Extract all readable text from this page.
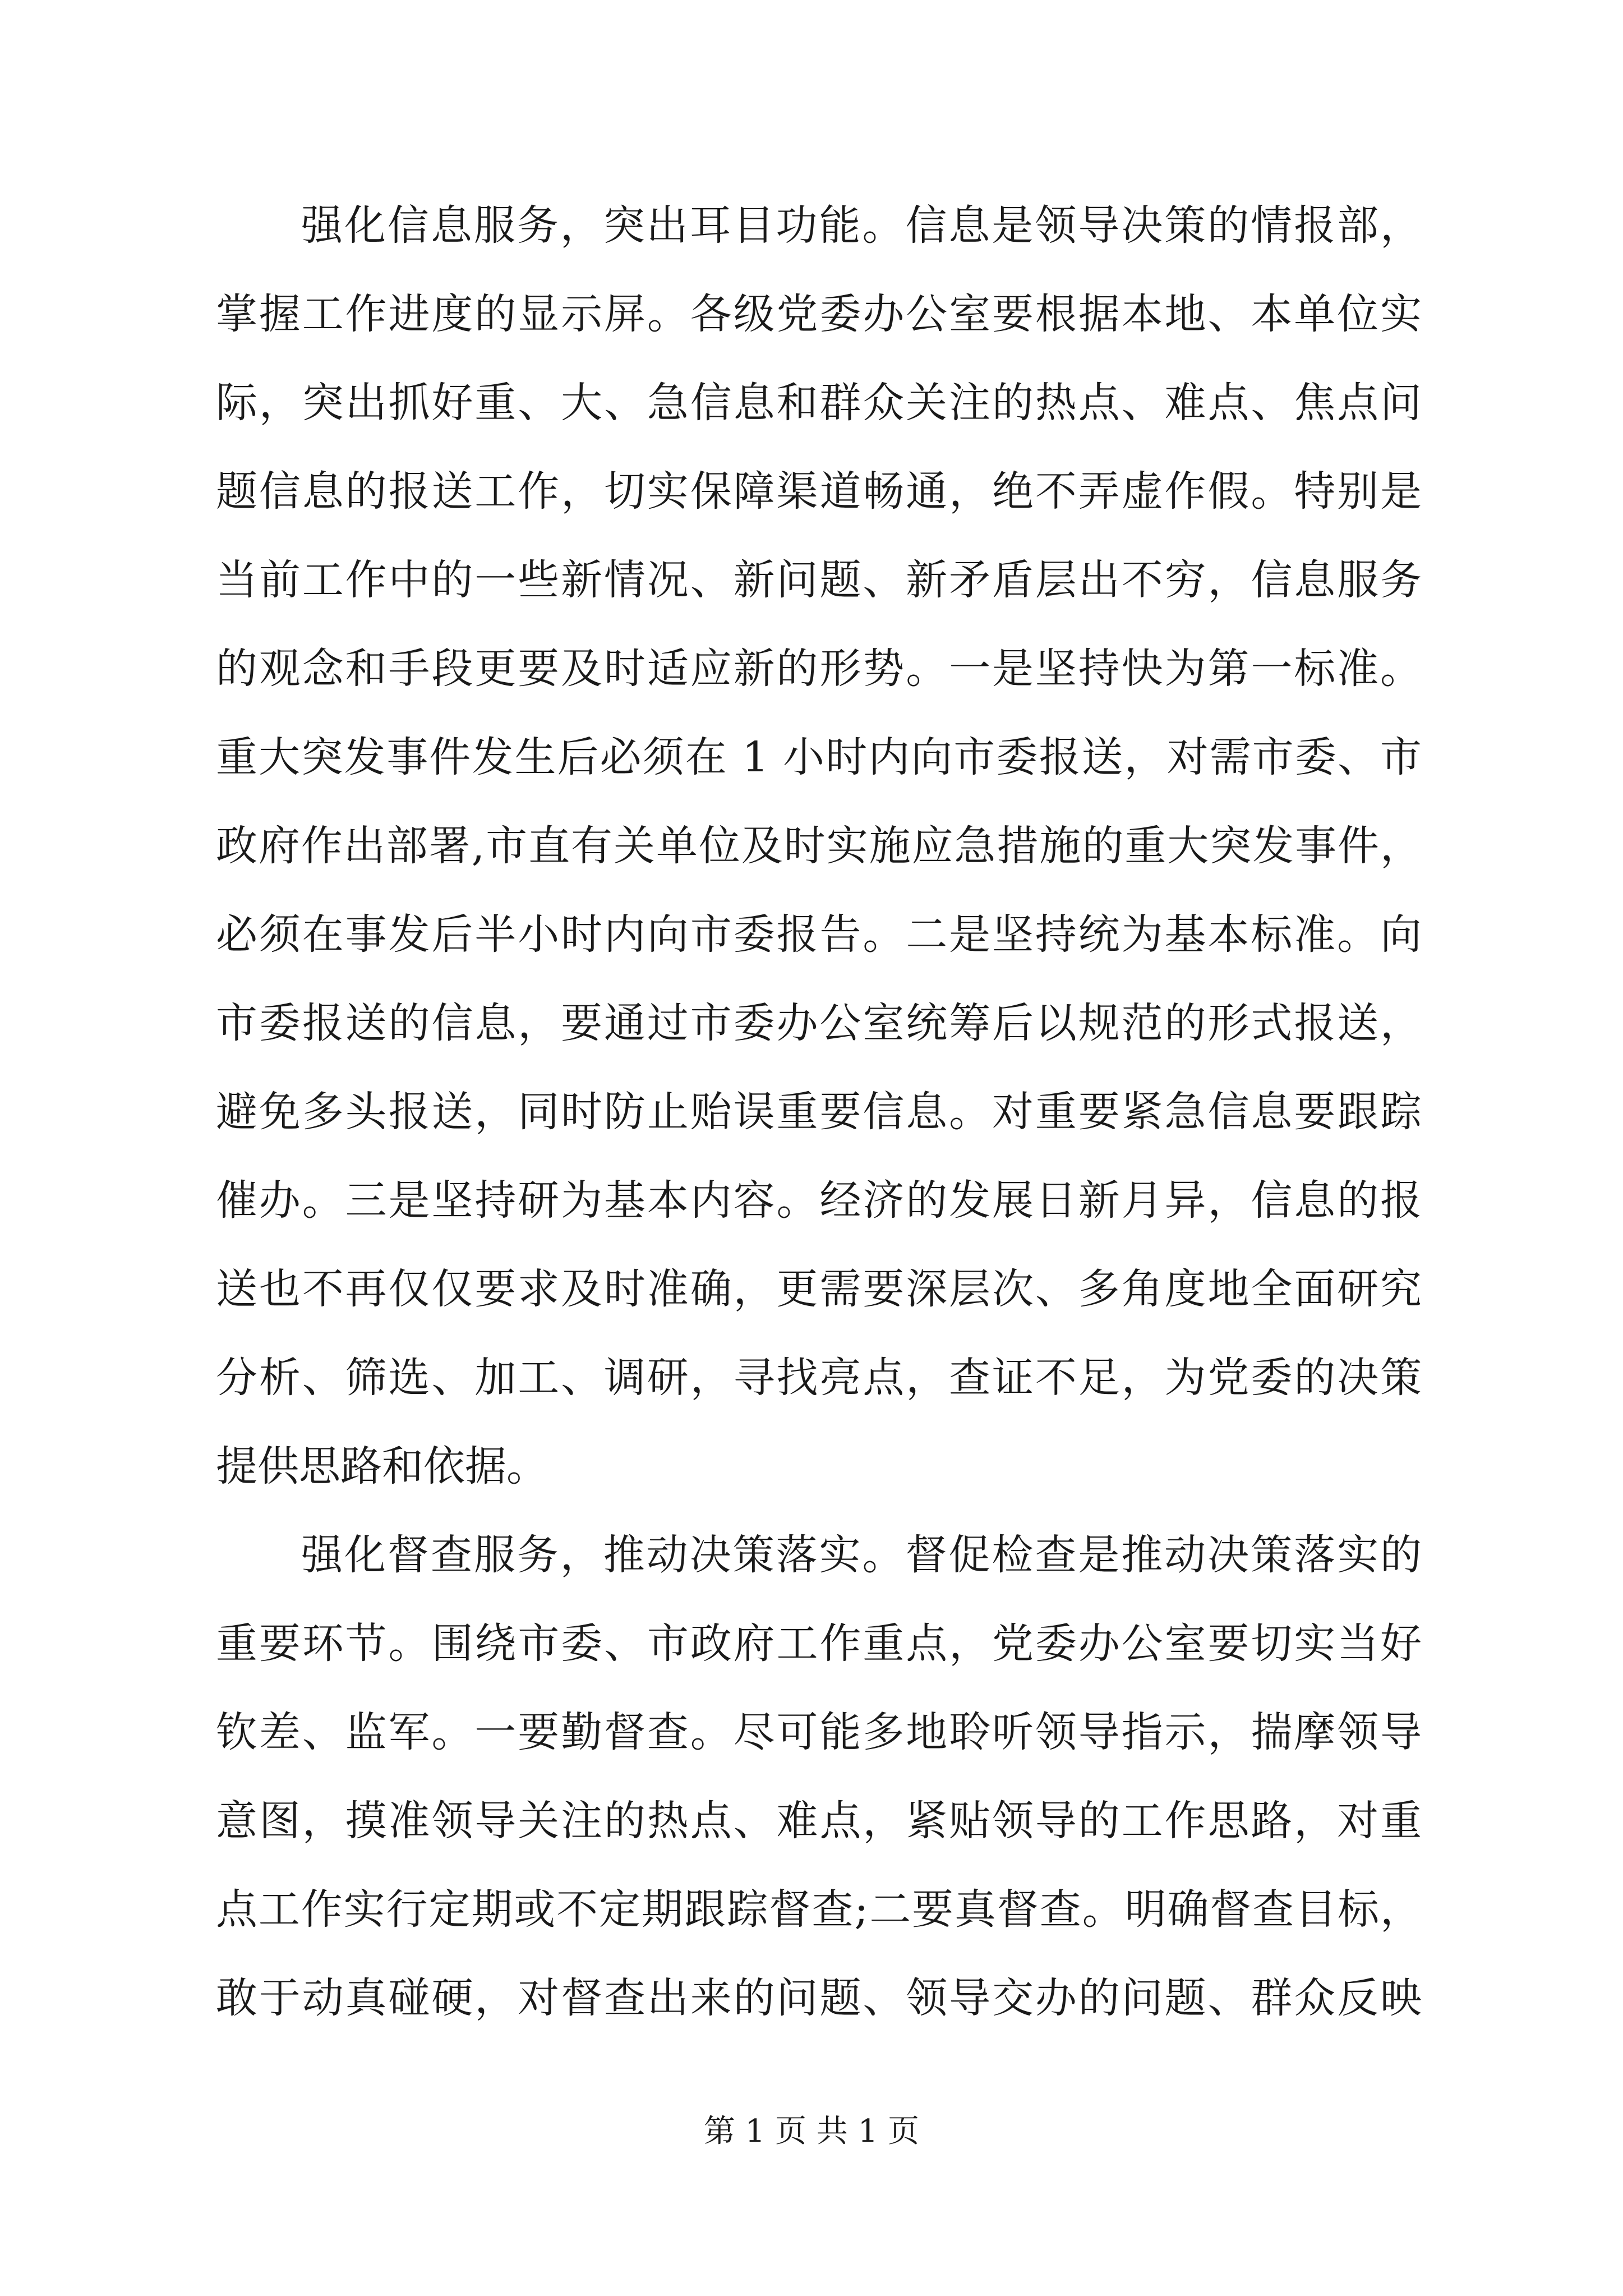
强化信息服务，突出耳目功能。信息是领导决策的情报部，
掌握工作进度的显示屏。各级党委办公室要根据本地、本单位实
际，突出抓好重、大、急信息和群众关注的热点、难点、焦点问
题信息的报送工作，切实保障渠道畅通，绝不弄虚作假。特别是
当前工作中的一些新情况、新问题、新矛盾层出不穷，信息服务
的观念和手段更要及时适应新的形势。一是坚持快为第一标准。
重大突发事件发生后必须在 1 小时内向市委报送，对需市委、市
政府作出部署,市直有关单位及时实施应急措施的重大突发事件，
必须在事发后半小时内向市委报告。二是坚持统为基本标准。向
市委报送的信息，要通过市委办公室统筹后以规范的形式报送，
避免多头报送，同时防止贻误重要信息。对重要紧急信息要跟踪
催办。三是坚持研为基本内容。经济的发展日新月异，信息的报
送也不再仅仅要求及时准确，更需要深层次、多角度地全面研究
分析、筛选、加工、调研，寻找亮点，查证不足，为党委的决策
提供思路和依据。
强化督查服务，推动决策落实。督促检查是推动决策落实的
重要环节。围绕市委、市政府工作重点，党委办公室要切实当好
钦差、监军。一要勤督查。尽可能多地聆听领导指示，揣摩领导
意图，摸准领导关注的热点、难点，紧贴领导的工作思路，对重
点工作实行定期或不定期跟踪督查;二要真督查。明确督查目标，
敢于动真碰硬，对督查出来的问题、领导交办的问题、群众反映
第 1 页 共 1 页
